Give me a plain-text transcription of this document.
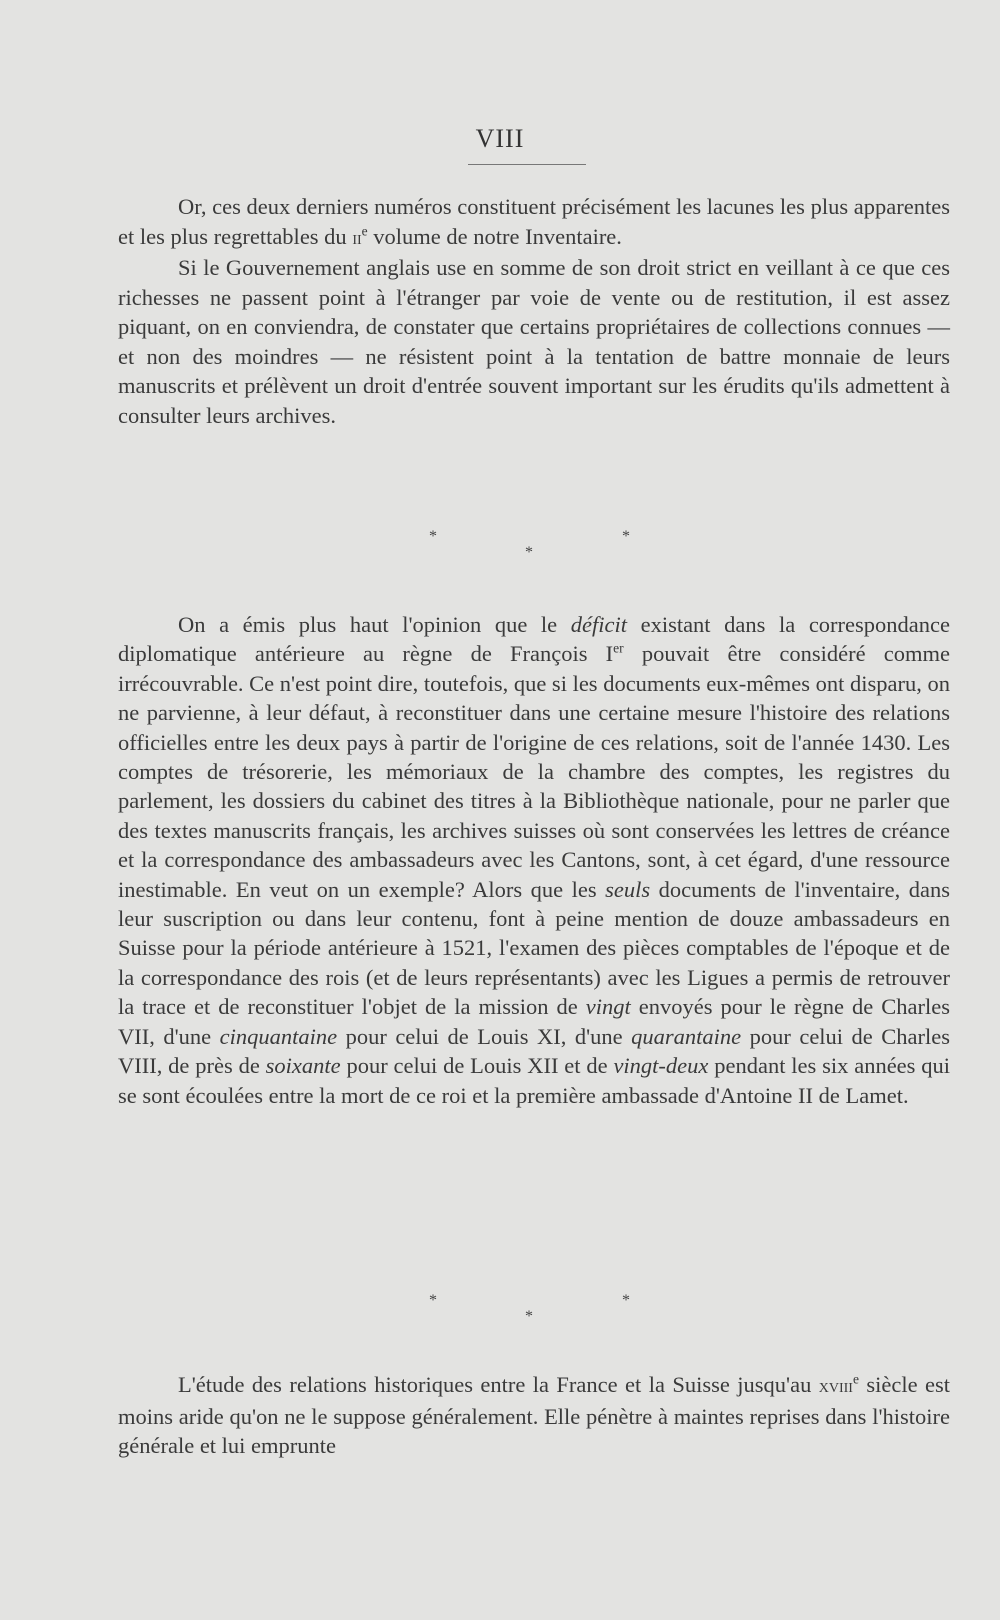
VIII

Or, ces deux derniers numéros constituent précisément les lacunes les plus apparentes et les plus regrettables du $ii^e$ volume de notre Inventaire.

Si le Gouvernement anglais use en somme de son droit strict en veillant à ce que ces richesses ne passent point à l'étranger par voie de vente ou de restitution, il est assez piquant, on en conviendra, de constater que certains propriétaires de collections connues — et non des moindres — ne résistent point à la tentation de battre monnaie de leurs manuscrits et prélèvent un droit d'entrée souvent important sur les érudits qu'ils admettent à consulter leurs archives.

*	*
*

On a émis plus haut l'opinion que le déficit existant dans la correspondance diplomatique antérieure au règne de François Ier pouvait être considéré comme irrécouvrable. Ce n'est point dire, toutefois, que si les documents eux-mêmes ont disparu, on ne parvienne, à leur défaut, à reconstituer dans une certaine mesure l'histoire des relations officielles entre les deux pays à partir de l'origine de ces relations, soit de l'année 1430. Les comptes de trésorerie, les mémoriaux de la chambre des comptes, les registres du parlement, les dossiers du cabinet des titres à la Bibliothèque nationale, pour ne parler que des textes manuscrits français, les archives suisses où sont conservées les lettres de créance et la correspondance des ambassadeurs avec les Cantons, sont, à cet égard, d'une ressource inestimable. En veut on un exemple? Alors que les seuls documents de l'inventaire, dans leur suscription ou dans leur contenu, font à peine mention de douze ambassadeurs en Suisse pour la période antérieure à 1521, l'examen des pièces comptables de l'époque et de la correspondance des rois (et de leurs représentants) avec les Ligues a permis de retrouver la trace et de reconstituer l'objet de la mission de vingt envoyés pour le règne de Charles VII, d'une cinquantaine pour celui de Louis XI, d'une quarantaine pour celui de Charles VIII, de près de soixante pour celui de Louis XII et de vingt-deux pendant les six années qui se sont écoulées entre la mort de ce roi et la première ambassade d'Antoine II de Lamet.

*	*
*

L'étude des relations historiques entre la France et la Suisse jusqu'au xviii$^e$ siècle est moins aride qu'on ne le suppose généralement. Elle pénètre à maintes reprises dans l'histoire générale et lui emprunte
